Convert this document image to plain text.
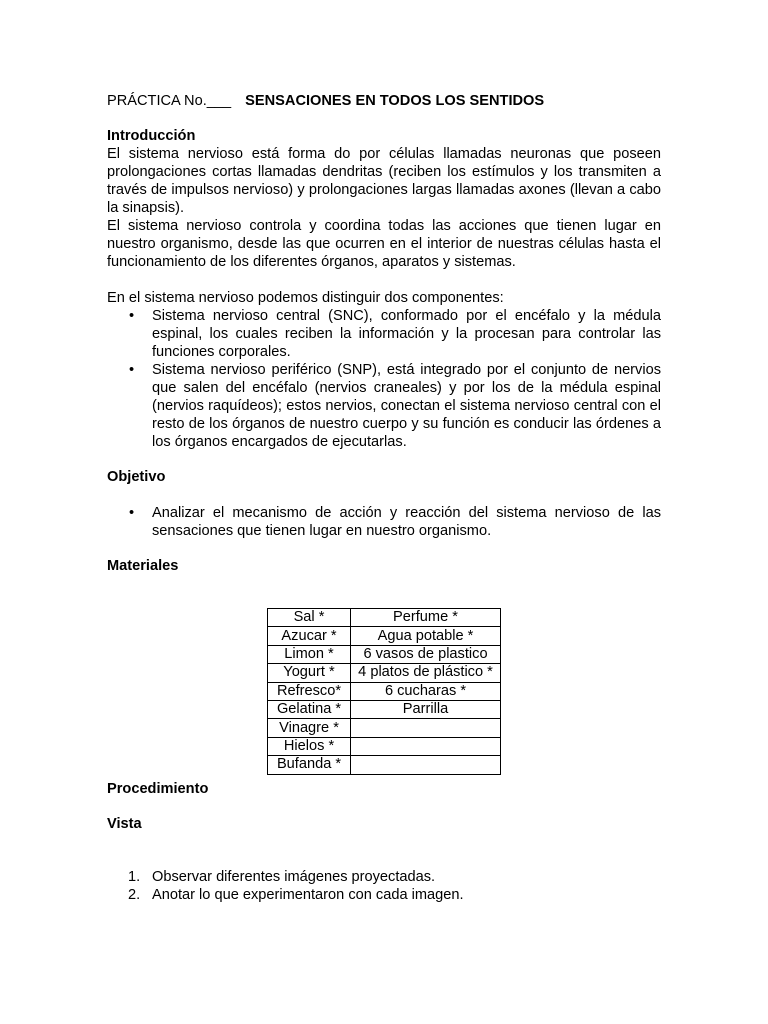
PRÁCTICA No.___ SENSACIONES EN TODOS LOS SENTIDOS
Introducción

El sistema nervioso está forma do por células llamadas neuronas que poseen prolongaciones cortas llamadas dendritas (reciben los estímulos y los transmiten a través de impulsos nervioso) y prolongaciones largas llamadas axones (llevan a cabo la sinapsis).

El sistema nervioso controla y coordina todas las acciones que tienen lugar en nuestro organismo, desde las que ocurren en el interior de nuestras células hasta el funcionamiento de los diferentes órganos, aparatos y sistemas.

En el sistema nervioso podemos distinguir dos componentes:

• Sistema nervioso central (SNC), conformado por el encéfalo y la médula espinal, los cuales reciben la información y la procesan para controlar las funciones corporales.
• Sistema nervioso periférico (SNP), está integrado por el conjunto de nervios que salen del encéfalo (nervios craneales) y por los de la médula espinal (nervios raquídeos); estos nervios, conectan el sistema nervioso central con el resto de los órganos de nuestro cuerpo y su función es conducir las órdenes a los órganos encargados de ejecutarlas.
Objetivo
• Analizar el mecanismo de acción y reacción del sistema nervioso de las sensaciones que tienen lugar en nuestro organismo.
Materiales
Sal *	Perfume *
Azucar *	Agua potable *
Limon *	6 vasos de plastico
Yogurt *	4 platos de plástico *
Refresco*	6 cucharas *
Gelatina *	Parrilla
Vinagre *	
Hielos *	
Bufanda *	
Procedimiento
Vista
1. Observar diferentes imágenes proyectadas.
2. Anotar lo que experimentaron con cada imagen.
